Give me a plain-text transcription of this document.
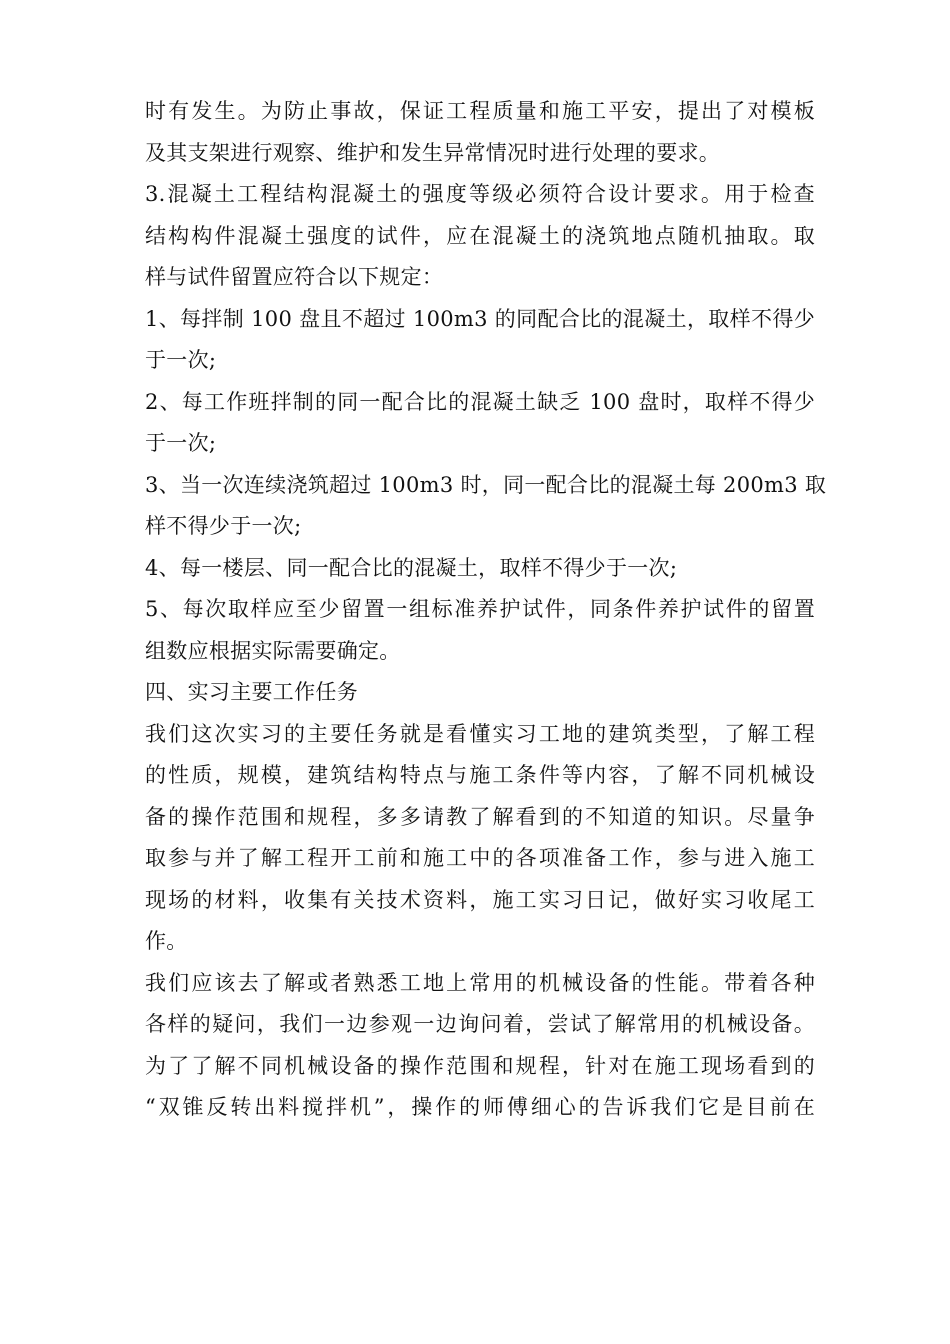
时有发生。为防止事故，保证工程质量和施工平安，提出了对模板
及其支架进行观察、维护和发生异常情况时进行处理的要求。
3.混凝土工程结构混凝土的强度等级必须符合设计要求。用于检查
结构构件混凝土强度的试件，应在混凝土的浇筑地点随机抽取。取
样与试件留置应符合以下规定：
1、每拌制 100 盘且不超过 100m3 的同配合比的混凝土，取样不得少
于一次;
2、每工作班拌制的同一配合比的混凝土缺乏 100 盘时，取样不得少
于一次;
3、当一次连续浇筑超过 100m3 时，同一配合比的混凝土每 200m3 取
样不得少于一次;
4、每一楼层、同一配合比的混凝土，取样不得少于一次;
5、每次取样应至少留置一组标准养护试件，同条件养护试件的留置
组数应根据实际需要确定。
四、实习主要工作任务
我们这次实习的主要任务就是看懂实习工地的建筑类型，了解工程
的性质，规模，建筑结构特点与施工条件等内容，了解不同机械设
备的操作范围和规程，多多请教了解看到的不知道的知识。尽量争
取参与并了解工程开工前和施工中的各项准备工作，参与进入施工
现场的材料，收集有关技术资料，施工实习日记，做好实习收尾工
作。
我们应该去了解或者熟悉工地上常用的机械设备的性能。带着各种
各样的疑问，我们一边参观一边询问着，尝试了解常用的机械设备。
为了了解不同机械设备的操作范围和规程，针对在施工现场看到的
“双锥反转出料搅拌机”，操作的师傅细心的告诉我们它是目前在
